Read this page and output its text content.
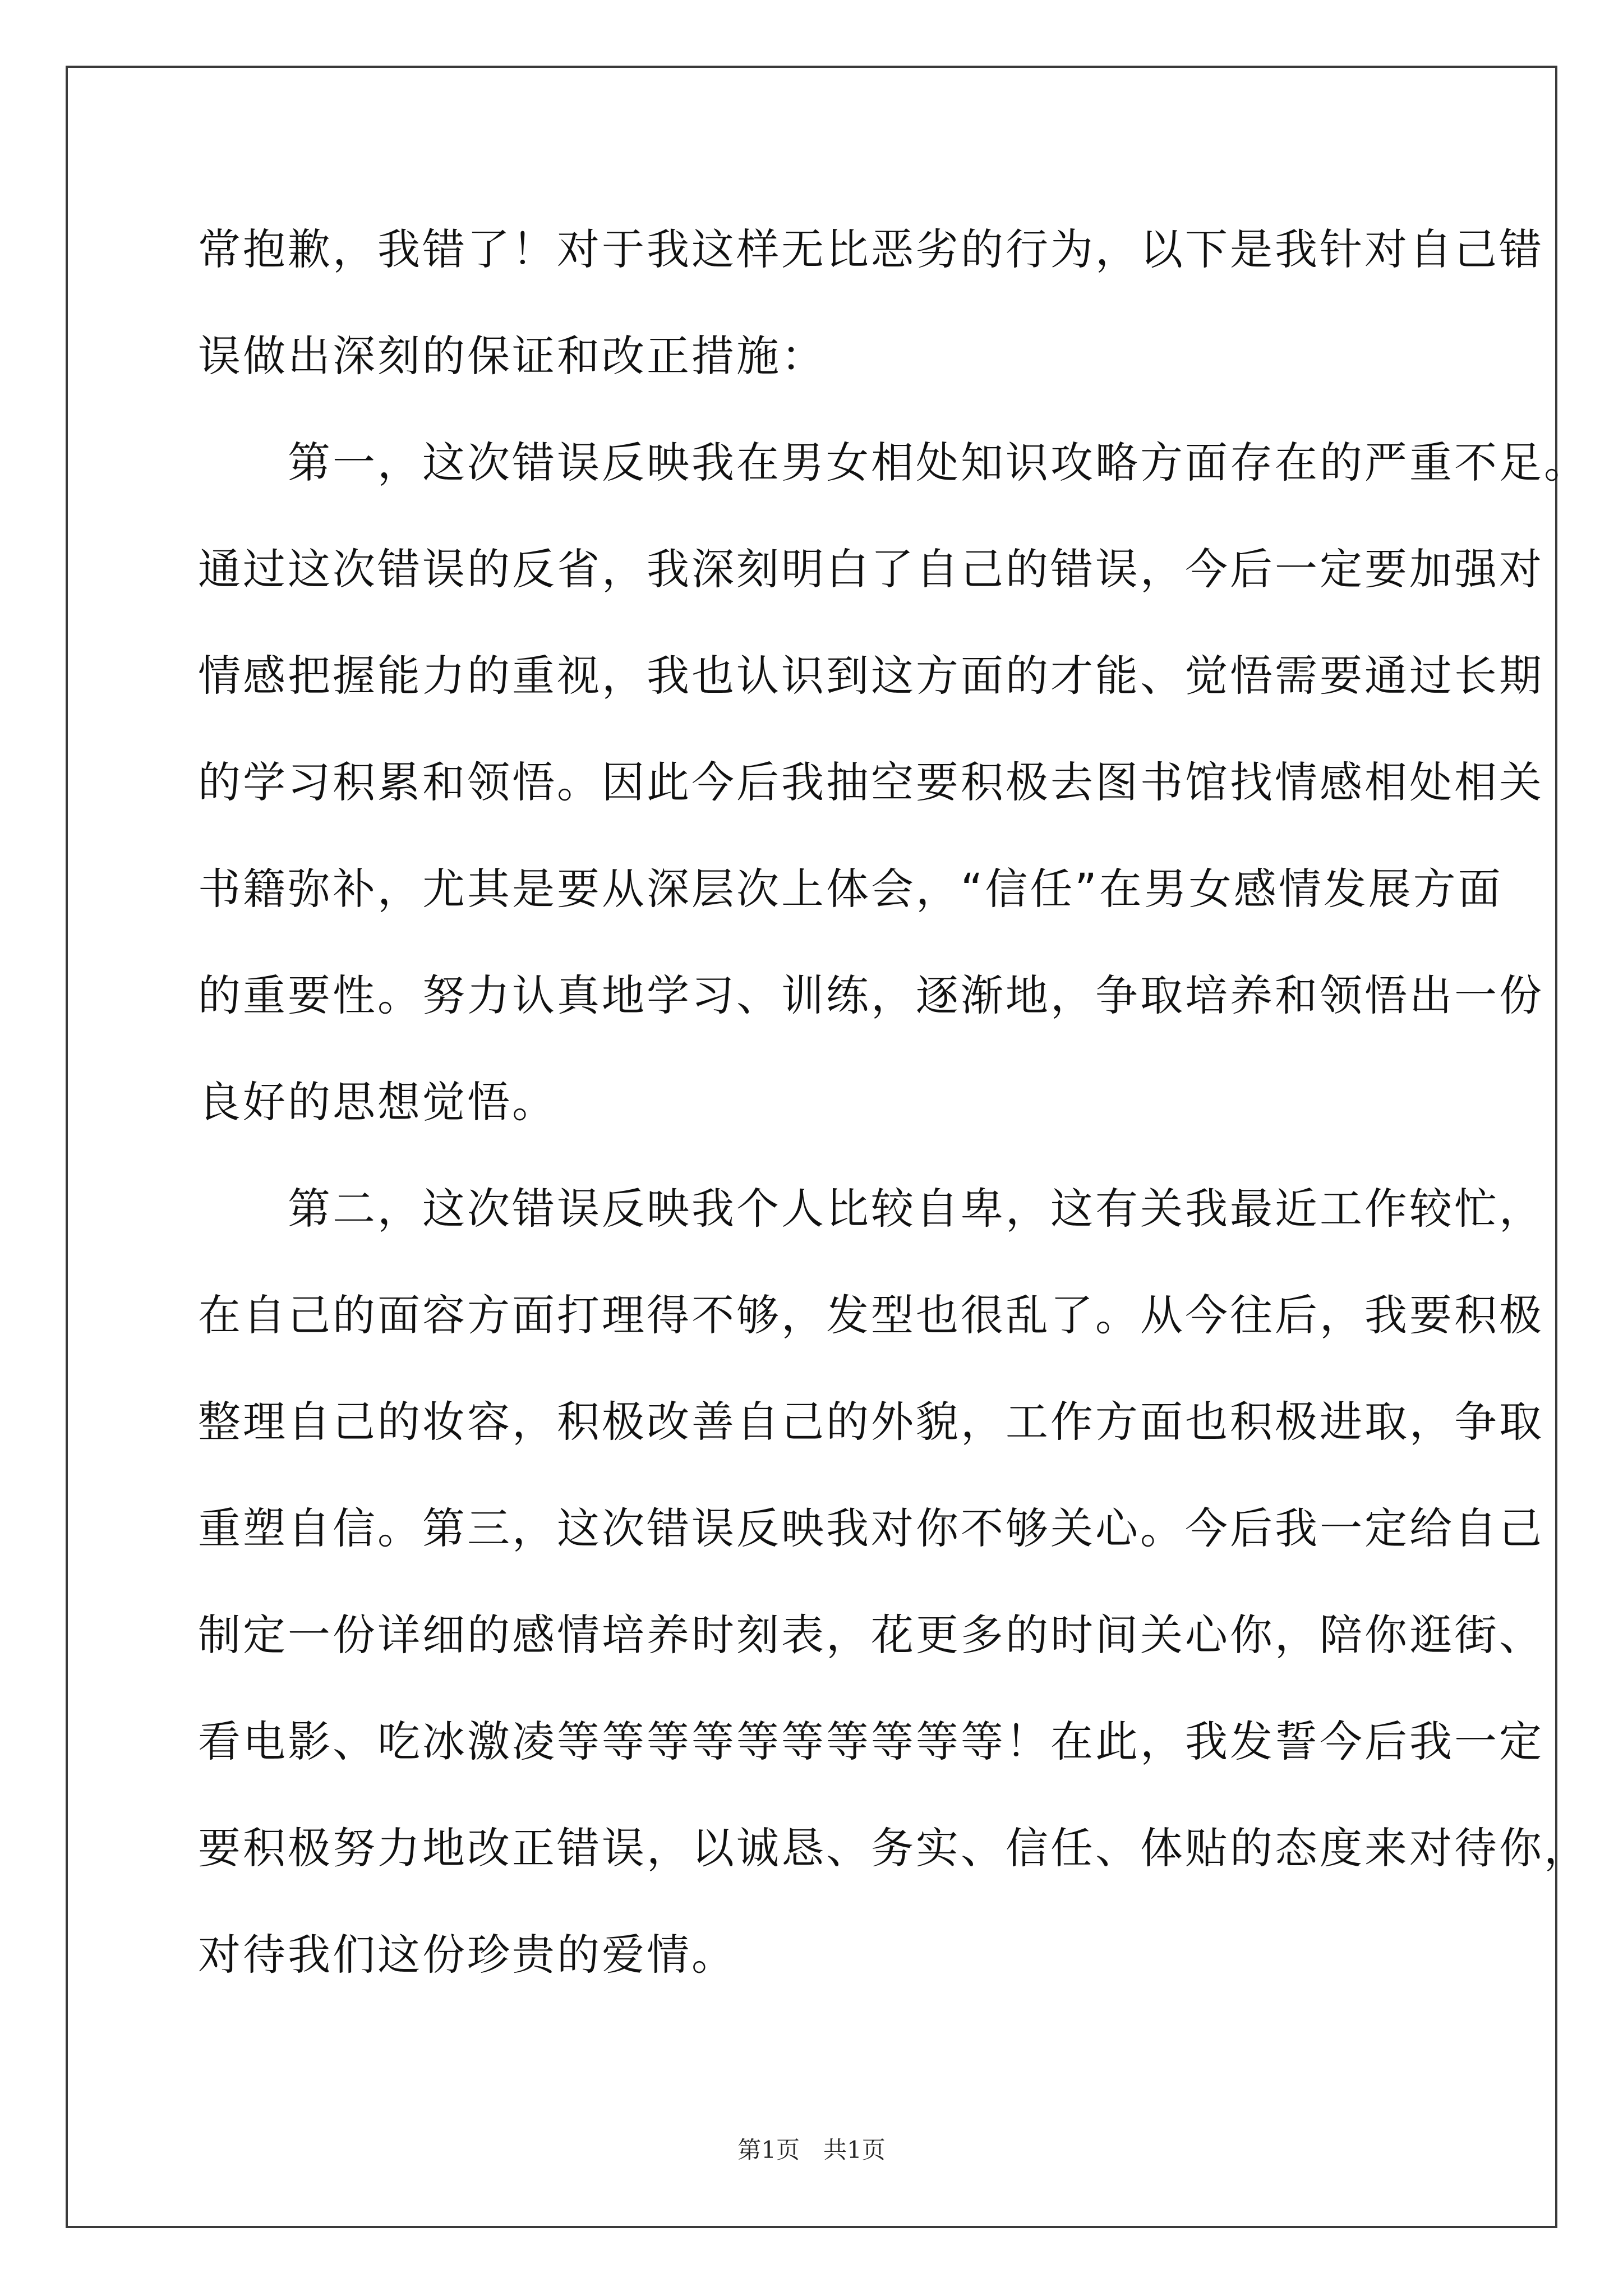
常抱歉，我错了！对于我这样无比恶劣的行为，以下是我针对自己错
误做出深刻的保证和改正措施：
　　第一，这次错误反映我在男女相处知识攻略方面存在的严重不足。
通过这次错误的反省，我深刻明白了自己的错误，今后一定要加强对
情感把握能力的重视，我也认识到这方面的才能、觉悟需要通过长期
的学习积累和领悟。因此今后我抽空要积极去图书馆找情感相处相关
书籍弥补，尤其是要从深层次上体会，“信任”在男女感情发展方面
的重要性。努力认真地学习、训练，逐渐地，争取培养和领悟出一份
良好的思想觉悟。
　　第二，这次错误反映我个人比较自卑，这有关我最近工作较忙，
在自己的面容方面打理得不够，发型也很乱了。从今往后，我要积极
整理自己的妆容，积极改善自己的外貌，工作方面也积极进取，争取
重塑自信。第三，这次错误反映我对你不够关心。今后我一定给自己
制定一份详细的感情培养时刻表，花更多的时间关心你，陪你逛街、
看电影、吃冰激凌等等等等等等等等等等！在此，我发誓今后我一定
要积极努力地改正错误，以诚恳、务实、信任、体贴的态度来对待你，
对待我们这份珍贵的爱情。
第1页　共1页
